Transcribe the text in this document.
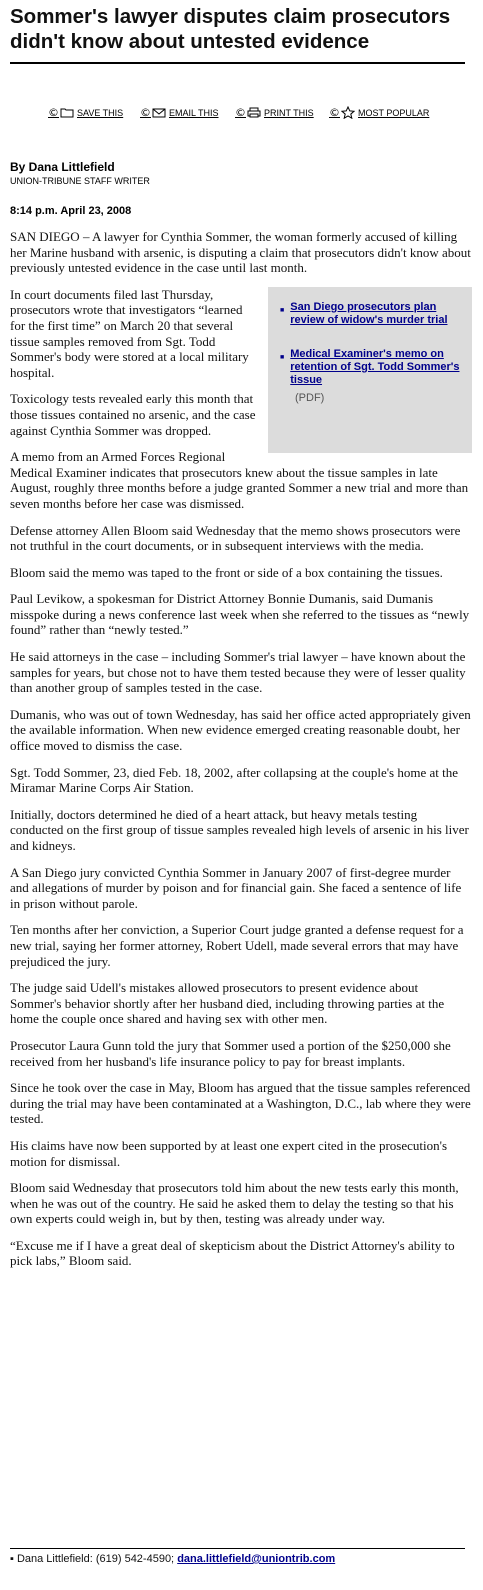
Sommer's lawyer disputes claim prosecutors didn't know about untested evidence
© SAVE THIS © EMAIL THIS © PRINT THIS © MOST POPULAR
By Dana Littlefield
UNION-TRIBUNE STAFF WRITER
8:14 p.m. April 23, 2008

SAN DIEGO – A lawyer for Cynthia Sommer, the woman formerly accused of killing her Marine husband with arsenic, is disputing a claim that prosecutors didn't know about previously untested evidence in the case until last month.

■ San Diego prosecutors plan review of widow's murder trial
■ Medical Examiner's memo on retention of Sgt. Todd Sommer's tissue
(PDF)

In court documents filed last Thursday, prosecutors wrote that investigators “learned for the first time” on March 20 that several tissue samples removed from Sgt. Todd Sommer's body were stored at a local military hospital.

Toxicology tests revealed early this month that those tissues contained no arsenic, and the case against Cynthia Sommer was dropped.

A memo from an Armed Forces Regional Medical Examiner indicates that prosecutors knew about the tissue samples in late August, roughly three months before a judge granted Sommer a new trial and more than seven months before her case was dismissed.

Defense attorney Allen Bloom said Wednesday that the memo shows prosecutors were not truthful in the court documents, or in subsequent interviews with the media.

Bloom said the memo was taped to the front or side of a box containing the tissues.

Paul Levikow, a spokesman for District Attorney Bonnie Dumanis, said Dumanis misspoke during a news conference last week when she referred to the tissues as “newly found” rather than “newly tested.”

He said attorneys in the case – including Sommer's trial lawyer – have known about the samples for years, but chose not to have them tested because they were of lesser quality than another group of samples tested in the case.

Dumanis, who was out of town Wednesday, has said her office acted appropriately given the available information. When new evidence emerged creating reasonable doubt, her office moved to dismiss the case.

Sgt. Todd Sommer, 23, died Feb. 18, 2002, after collapsing at the couple's home at the Miramar Marine Corps Air Station.

Initially, doctors determined he died of a heart attack, but heavy metals testing conducted on the first group of tissue samples revealed high levels of arsenic in his liver and kidneys.

A San Diego jury convicted Cynthia Sommer in January 2007 of first-degree murder and allegations of murder by poison and for financial gain. She faced a sentence of life in prison without parole.

Ten months after her conviction, a Superior Court judge granted a defense request for a new trial, saying her former attorney, Robert Udell, made several errors that may have prejudiced the jury.

The judge said Udell's mistakes allowed prosecutors to present evidence about Sommer's behavior shortly after her husband died, including throwing parties at the home the couple once shared and having sex with other men.

Prosecutor Laura Gunn told the jury that Sommer used a portion of the $250,000 she received from her husband's life insurance policy to pay for breast implants.

Since he took over the case in May, Bloom has argued that the tissue samples referenced during the trial may have been contaminated at a Washington, D.C., lab where they were tested.

His claims have now been supported by at least one expert cited in the prosecution's motion for dismissal.

Bloom said Wednesday that prosecutors told him about the new tests early this month, when he was out of the country. He said he asked them to delay the testing so that his own experts could weigh in, but by then, testing was already under way.

“Excuse me if I have a great deal of skepticism about the District Attorney's ability to pick labs,” Bloom said.

▪ Dana Littlefield: (619) 542-4590; dana.littlefield@uniontrib.com
